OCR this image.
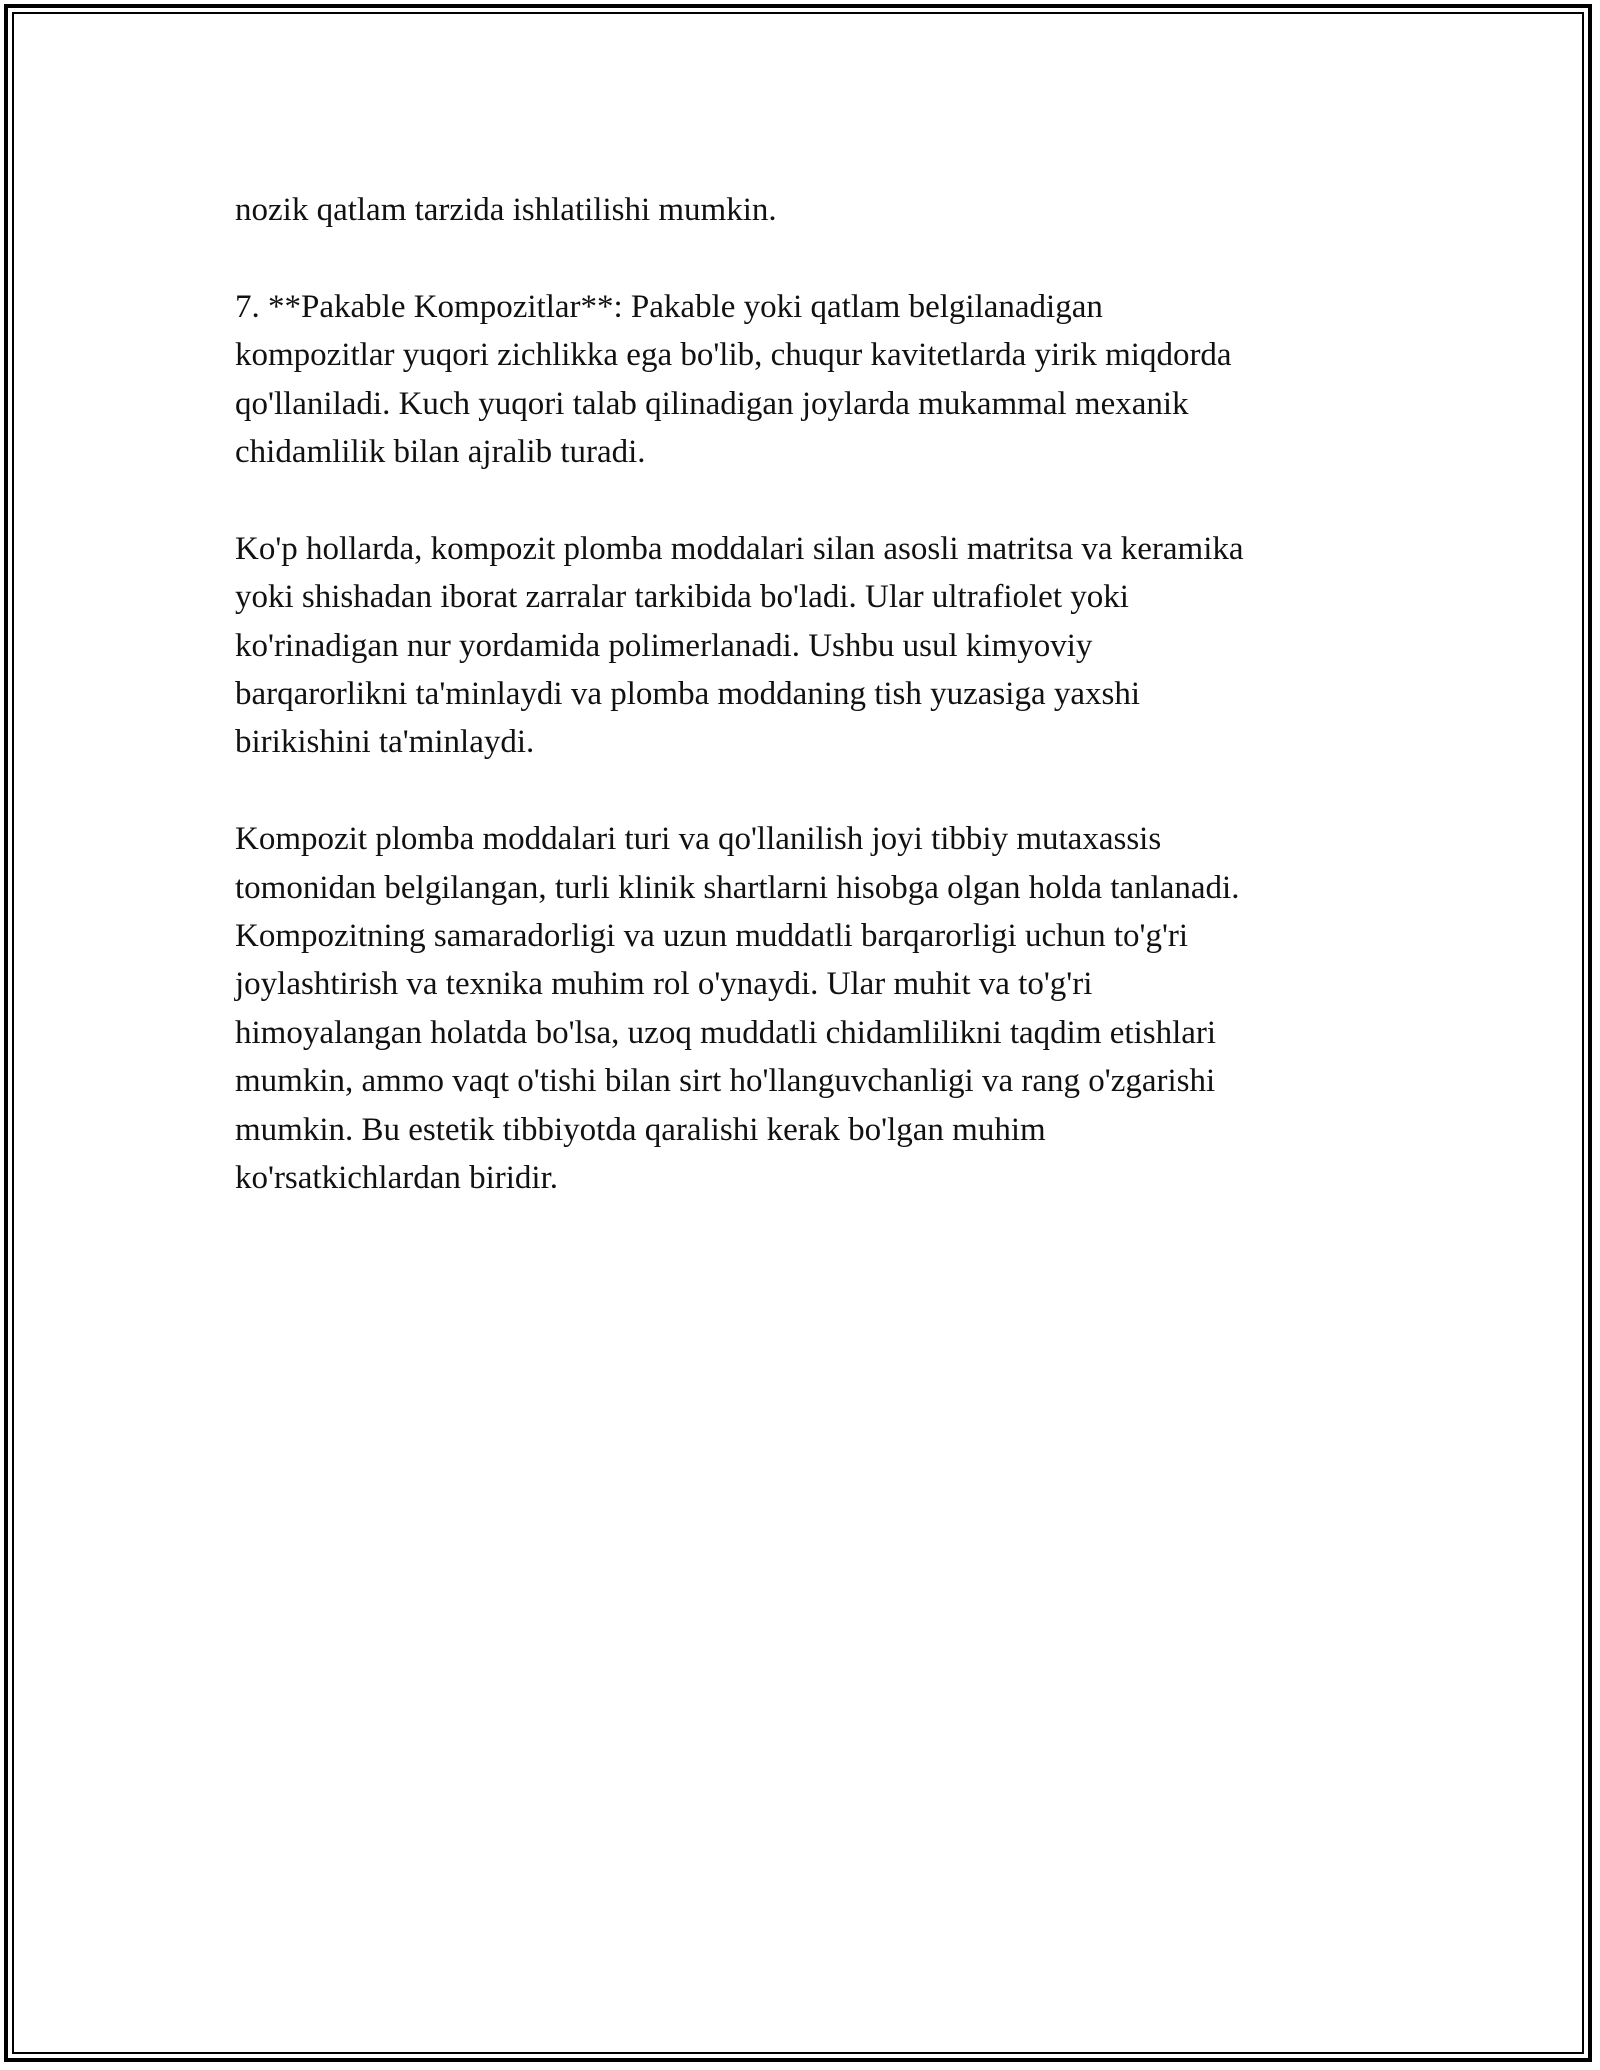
nozik qatlam tarzida ishlatilishi mumkin.

7. **Pakable Kompozitlar**: Pakable yoki qatlam belgilanadigan
kompozitlar yuqori zichlikka ega bo'lib, chuqur kavitetlarda yirik miqdorda
qo'llaniladi. Kuch yuqori talab qilinadigan joylarda mukammal mexanik
chidamlilik bilan ajralib turadi.

Ko'p hollarda, kompozit plomba moddalari silan asosli matritsa va keramika
yoki shishadan iborat zarralar tarkibida bo'ladi. Ular ultrafiolet yoki
ko'rinadigan nur yordamida polimerlanadi. Ushbu usul kimyoviy
barqarorlikni ta'minlaydi va plomba moddaning tish yuzasiga yaxshi
birikishini ta'minlaydi.

Kompozit plomba moddalari turi va qo'llanilish joyi tibbiy mutaxassis
tomonidan belgilangan, turli klinik shartlarni hisobga olgan holda tanlanadi.
Kompozitning samaradorligi va uzun muddatli barqarorligi uchun to'g'ri
joylashtirish va texnika muhim rol o'ynaydi. Ular muhit va to'g'ri
himoyalangan holatda bo'lsa, uzoq muddatli chidamlilikni taqdim etishlari
mumkin, ammo vaqt o'tishi bilan sirt ho'llanguvchanligi va rang o'zgarishi
mumkin. Bu estetik tibbiyotda qaralishi kerak bo'lgan muhim
ko'rsatkichlardan biridir.
